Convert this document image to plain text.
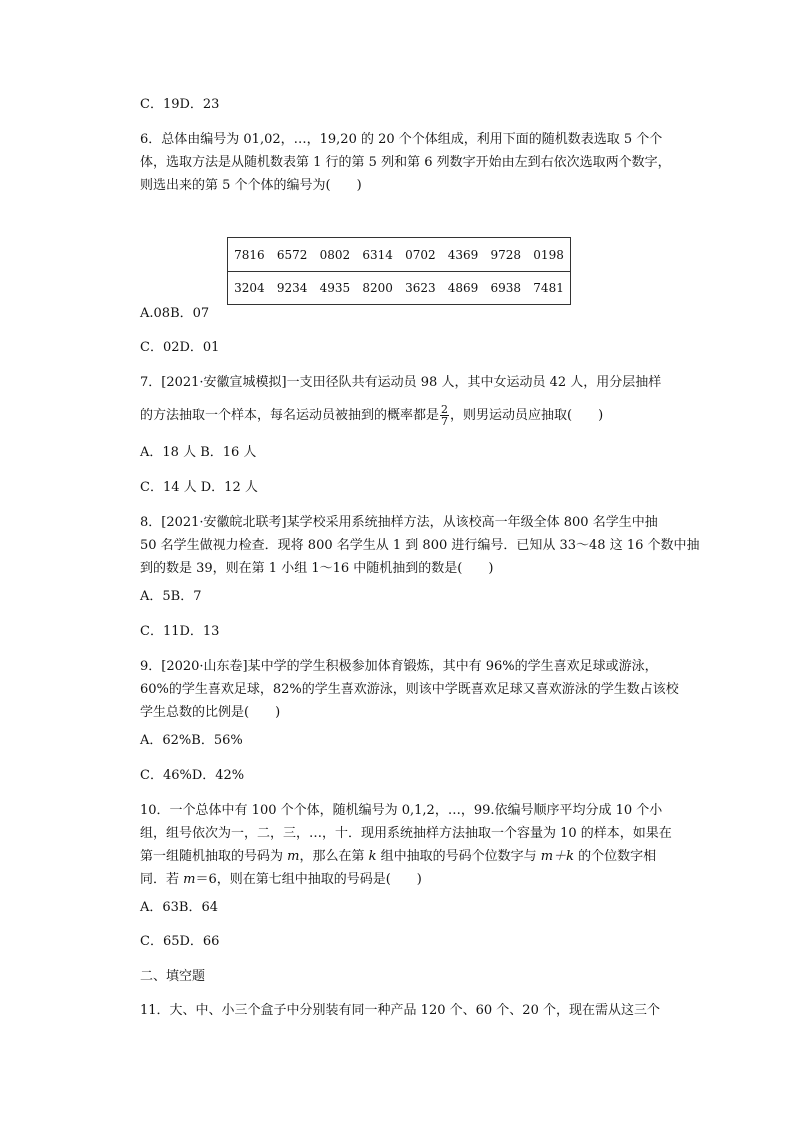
C．19D．23
6．总体由编号为 01,02，…，19,20 的 20 个个体组成，利用下面的随机数表选取 5 个个
体，选取方法是从随机数表第 1 行的第 5 列和第 6 列数字开始由左到右依次选取两个数字，
则选出来的第 5 个个体的编号为(　　)
7816	6572	0802	6314	0702	4369	9728	0198
3204	9234	4935	8200	3623	4869	6938	7481
A.08B．07
C．02D．01
7．[2021·安徽宣城模拟]一支田径队共有运动员 98 人，其中女运动员 42 人，用分层抽样
的方法抽取一个样本，每名运动员被抽到的概率都是 $\frac{2}{7}$ ，则男运动员应抽取(　　)
A．18 人 B．16 人
C．14 人 D．12 人
8．[2021·安徽皖北联考]某学校采用系统抽样方法，从该校高一年级全体 800 名学生中抽
50 名学生做视力检查．现将 800 名学生从 1 到 800 进行编号．已知从 33～48 这 16 个数中抽
到的数是 39，则在第 1 小组 1～16 中随机抽到的数是(　　)
A．5B．7
C．11D．13
9．[2020·山东卷]某中学的学生积极参加体育锻炼，其中有 96%的学生喜欢足球或游泳，
60%的学生喜欢足球，82%的学生喜欢游泳，则该中学既喜欢足球又喜欢游泳的学生数占该校
学生总数的比例是(　　)
A．62%B．56%
C．46%D．42%
10．一个总体中有 100 个个体，随机编号为 0,1,2，…，99.依编号顺序平均分成 10 个小
组，组号依次为一，二，三，…，十．现用系统抽样方法抽取一个容量为 10 的样本，如果在
第一组随机抽取的号码为 m，那么在第 k 组中抽取的号码个位数字与 m＋k 的个位数字相
同．若 m＝6，则在第七组中抽取的号码是(　　)
A．63B．64
C．65D．66
二、填空题
11．大、中、小三个盒子中分别装有同一种产品 120 个、60 个、20 个，现在需从这三个
